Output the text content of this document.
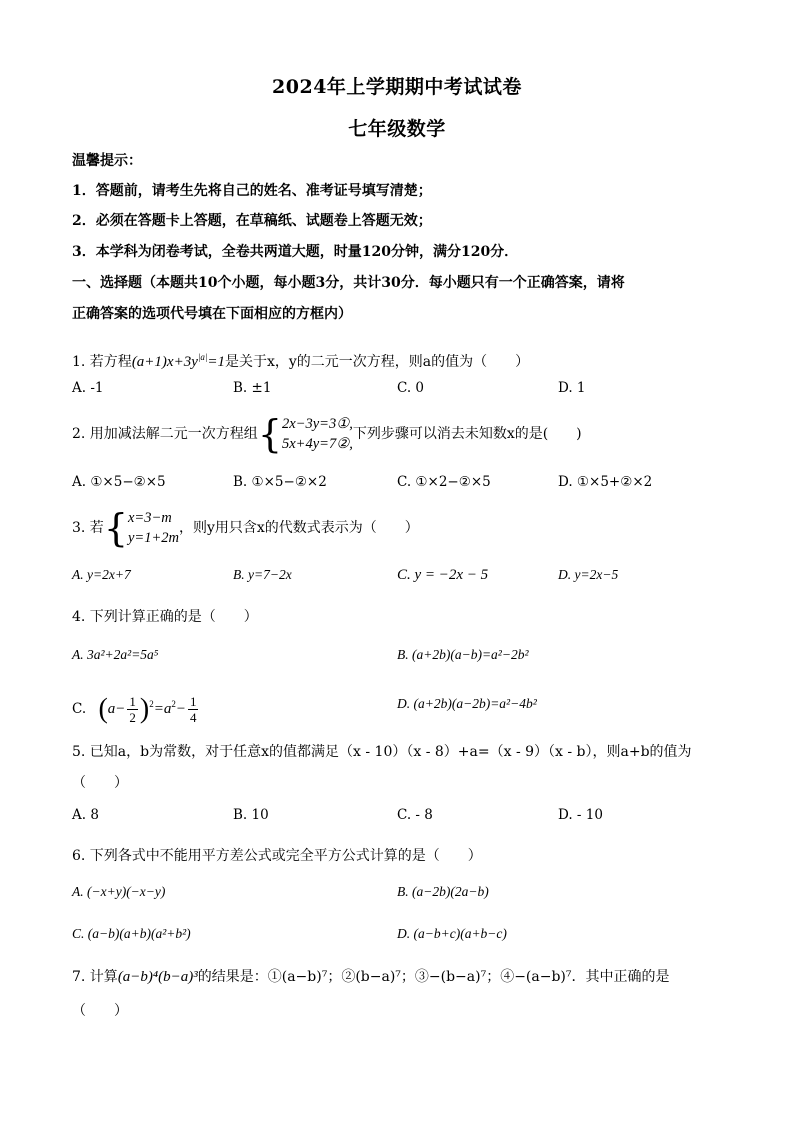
2024年上学期期中考试试卷
七年级数学
温馨提示：
1．答题前，请考生先将自己的姓名、准考证号填写清楚；
2．必须在答题卡上答题，在草稿纸、试题卷上答题无效；
3．本学科为闭卷考试，全卷共两道大题，时量120分钟，满分120分．
一、选择题（本题共10个小题，每小题3分，共计30分．每小题只有一个正确答案，请将
正确答案的选项代号填在下面相应的方框内）
1. 若方程$(a+1)x+3y^{|a|}=1$是关于x，y的二元一次方程，则a的值为（　　）
A. -1	B. ±1	C. 0	D. 1
2. 用加减法解二元一次方程组{ 2x−3y=3①,
5x+4y=7②,
下列步骤可以消去未知数x的是(　　)
A. ①×5−②×5	B. ①×5−②×2	C. ①×2−②×5	D. ①×5+②×2
3. 若{ x=3−m
y=1+2m
，则y用只含x的代数式表示为（　　）
A. y=2x+7	B. y=7−2x	C. y = −2x − 5	D. y=2x−5
4. 下列计算正确的是（　　）
A. 3a²+2a²=5a⁵	B. (a+2b)(a−b)=a²−2b²
C. $(a- \frac{1}{2} )^2=a^2- \frac{1}{4}$	D. (a+2b)(a−2b)=a²−4b²
5. 已知a，b为常数，对于任意x的值都满足（x - 10）（x - 8）+a=（x - 9）（x - b），则a+b的值为
（　　）
A. 8	B. 10	C. - 8	D. - 10
6. 下列各式中不能用平方差公式或完全平方公式计算的是（　　）
A. (−x+y)(−x−y)	B. (a−2b)(2a−b)
C. (a−b)(a+b)(a²+b²)	D. (a−b+c)(a+b−c)
7. 计算(a−b)⁴(b−a)³的结果是：①(a−b)⁷；②(b−a)⁷；③−(b−a)⁷；④−(a−b)⁷．其中正确的是
（　　）
